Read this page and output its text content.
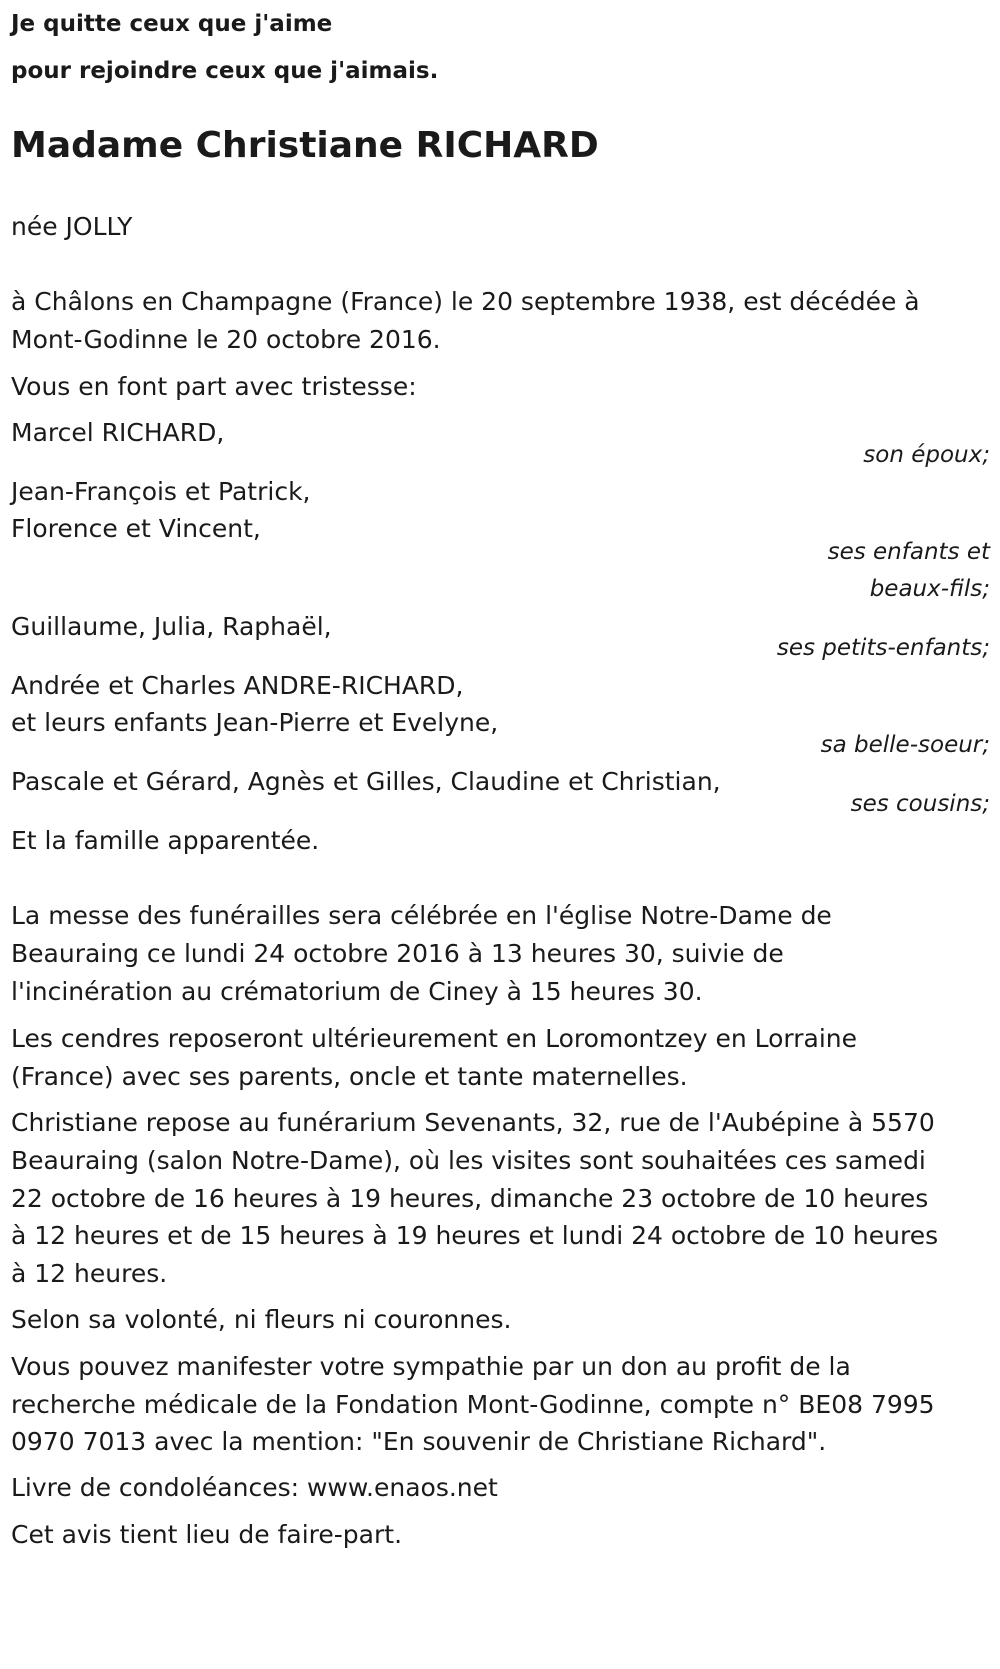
Je quitte ceux que j'aime
pour rejoindre ceux que j'aimais.
Madame Christiane RICHARD
née JOLLY
à Châlons en Champagne (France) le 20 septembre 1938, est décédée à
Mont-Godinne le 20 octobre 2016.
Vous en font part avec tristesse:
Marcel RICHARD,
son époux;
Jean-François et Patrick,
Florence et Vincent,
ses enfants et
beaux-fils;
Guillaume, Julia, Raphaël,
ses petits-enfants;
Andrée et Charles ANDRE-RICHARD,
et leurs enfants Jean-Pierre et Evelyne,
sa belle-soeur;
Pascale et Gérard, Agnès et Gilles, Claudine et Christian,
ses cousins;
Et la famille apparentée.
La messe des funérailles sera célébrée en l'église Notre-Dame de
Beauraing ce lundi 24 octobre 2016 à 13 heures 30, suivie de
l'incinération au crématorium de Ciney à 15 heures 30.
Les cendres reposeront ultérieurement en Loromontzey en Lorraine
(France) avec ses parents, oncle et tante maternelles.
Christiane repose au funérarium Sevenants, 32, rue de l'Aubépine à 5570
Beauraing (salon Notre-Dame), où les visites sont souhaitées ces samedi
22 octobre de 16 heures à 19 heures, dimanche 23 octobre de 10 heures
à 12 heures et de 15 heures à 19 heures et lundi 24 octobre de 10 heures
à 12 heures.
Selon sa volonté, ni fleurs ni couronnes.
Vous pouvez manifester votre sympathie par un don au profit de la
recherche médicale de la Fondation Mont-Godinne, compte n° BE08 7995
0970 7013 avec la mention: "En souvenir de Christiane Richard".
Livre de condoléances: www.enaos.net
Cet avis tient lieu de faire-part.
